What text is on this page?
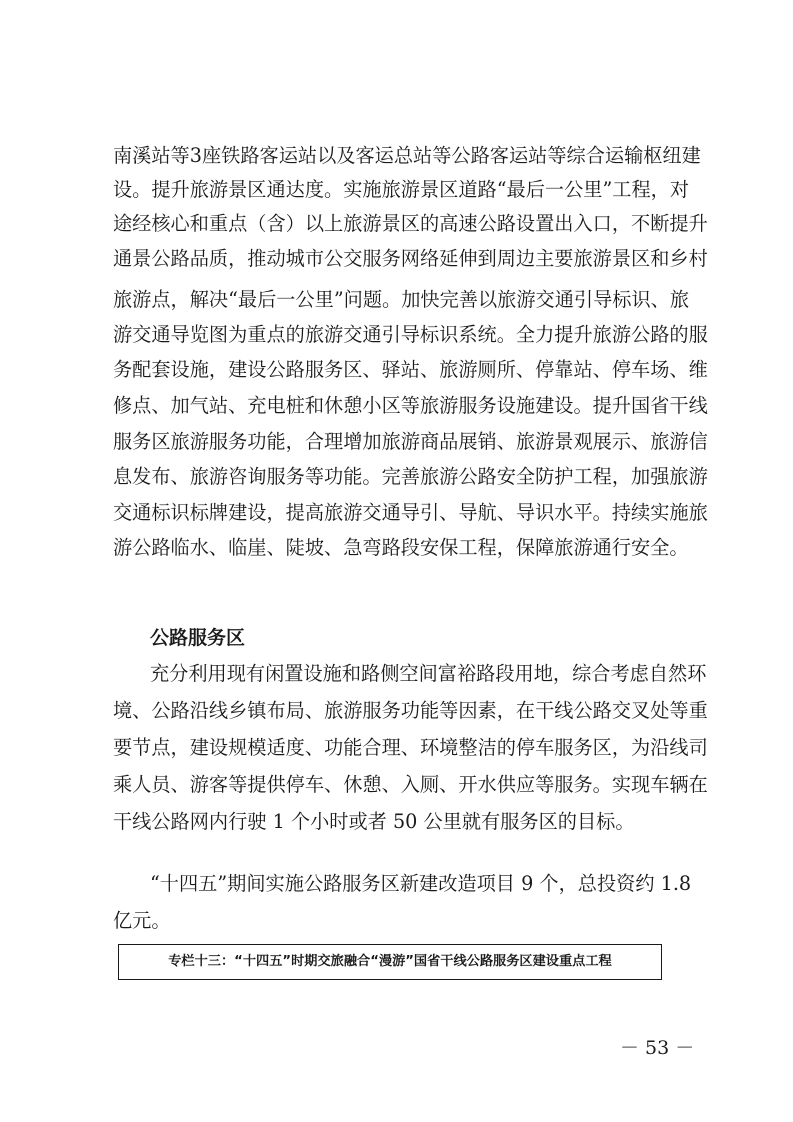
南溪站等3座铁路客运站以及客运总站等公路客运站等综合运输枢纽建
设。提升旅游景区通达度。实施旅游景区道路“最后一公里”工程，对
途经核心和重点（含）以上旅游景区的高速公路设置出入口，不断提升
通景公路品质，推动城市公交服务网络延伸到周边主要旅游景区和乡村
旅游点，解决“最后一公里”问题。加快完善以旅游交通引导标识、旅
游交通导览图为重点的旅游交通引导标识系统。全力提升旅游公路的服
务配套设施，建设公路服务区、驿站、旅游厕所、停靠站、停车场、维
修点、加气站、充电桩和休憩小区等旅游服务设施建设。提升国省干线
服务区旅游服务功能，合理增加旅游商品展销、旅游景观展示、旅游信
息发布、旅游咨询服务等功能。完善旅游公路安全防护工程，加强旅游
交通标识标牌建设，提高旅游交通导引、导航、导识水平。持续实施旅
游公路临水、临崖、陡坡、急弯路段安保工程，保障旅游通行安全。
公路服务区
充分利用现有闲置设施和路侧空间富裕路段用地，综合考虑自然环
境、公路沿线乡镇布局、旅游服务功能等因素，在干线公路交叉处等重
要节点，建设规模适度、功能合理、环境整洁的停车服务区，为沿线司
乘人员、游客等提供停车、休憩、入厕、开水供应等服务。实现车辆在
干线公路网内行驶 1 个小时或者 50 公里就有服务区的目标。
“十四五”期间实施公路服务区新建改造项目 9 个，总投资约 1.8
亿元。
专栏十三：“十四五”时期交旅融合“漫游”国省干线公路服务区建设重点工程
－ 53 －
